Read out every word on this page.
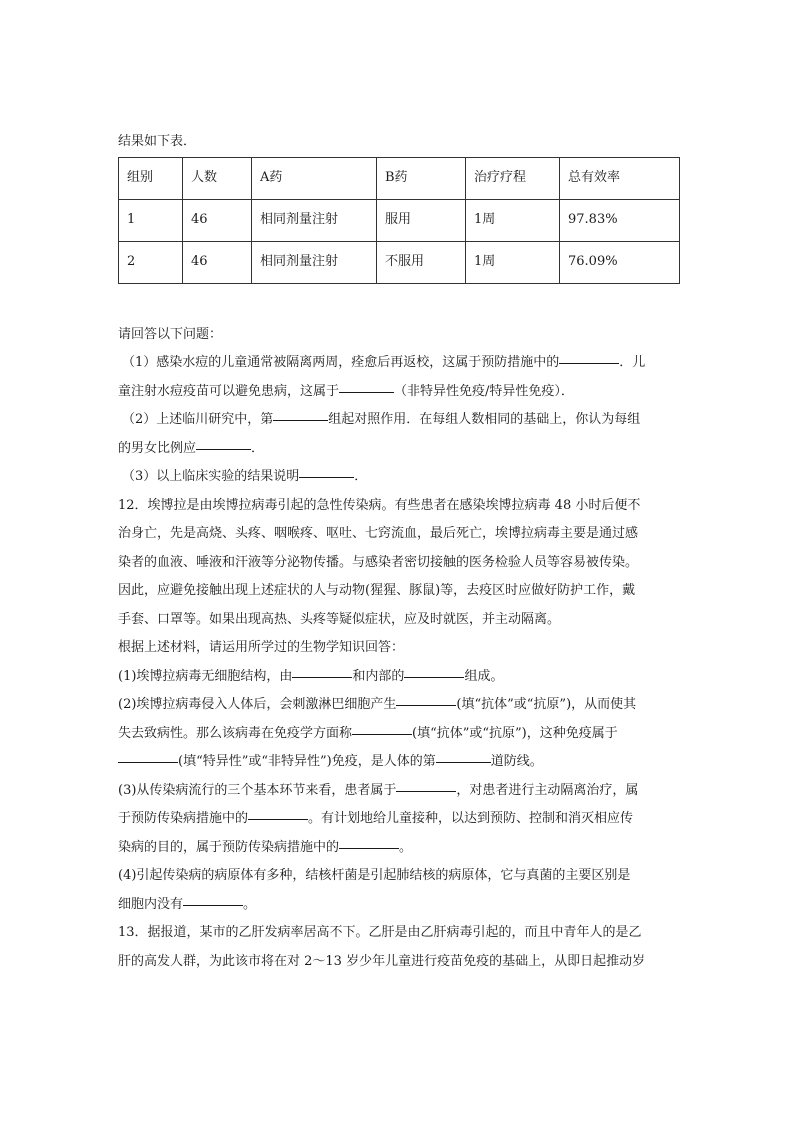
结果如下表．

组别	人数	A药	B药	治疗疗程	总有效率
1	46	相同剂量注射	服用	1周	97.83%
2	46	相同剂量注射	不服用	1周	76.09%

请回答以下问题：

（1）感染水痘的儿童通常被隔离两周，痊愈后再返校，这属于预防措施中的	．儿

童注射水痘疫苗可以避免患病，这属于	（非特异性免疫/特异性免疫）．

（2）上述临川研究中，第	组起对照作用．在每组人数相同的基础上，你认为每组

的男女比例应	．

（3）以上临床实验的结果说明	．

12．埃博拉是由埃博拉病毒引起的急性传染病。有些患者在感染埃博拉病毒 48 小时后便不

治身亡，先是高烧、头疼、咽喉疼、呕吐、七窍流血，最后死亡，埃博拉病毒主要是通过感

染者的血液、唾液和汗液等分泌物传播。与感染者密切接触的医务检验人员等容易被传染。

因此，应避免接触出现上述症状的人与动物(猩猩、豚鼠)等，去疫区时应做好防护工作，戴

手套、口罩等。如果出现高热、头疼等疑似症状，应及时就医，并主动隔离。

根据上述材料，请运用所学过的生物学知识回答：

(1)埃博拉病毒无细胞结构，由	和内部的	组成。

(2)埃博拉病毒侵入人体后，会刺激淋巴细胞产生	(填“抗体”或“抗原”)，从而使其

失去致病性。那么该病毒在免疫学方面称	(填“抗体”或“抗原”)，这种免疫属于

(填“特异性”或“非特异性”)免疫，是人体的第	道防线。

(3)从传染病流行的三个基本环节来看，患者属于	，对患者进行主动隔离治疗，属

于预防传染病措施中的	。有计划地给儿童接种，以达到预防、控制和消灭相应传

染病的目的，属于预防传染病措施中的	。

(4)引起传染病的病原体有多种，结核杆菌是引起肺结核的病原体，它与真菌的主要区别是

细胞内没有	。

13．据报道，某市的乙肝发病率居高不下。乙肝是由乙肝病毒引起的，而且中青年人的是乙

肝的高发人群，为此该市将在对 2～13 岁少年儿童进行疫苗免疫的基础上，从即日起推动岁
